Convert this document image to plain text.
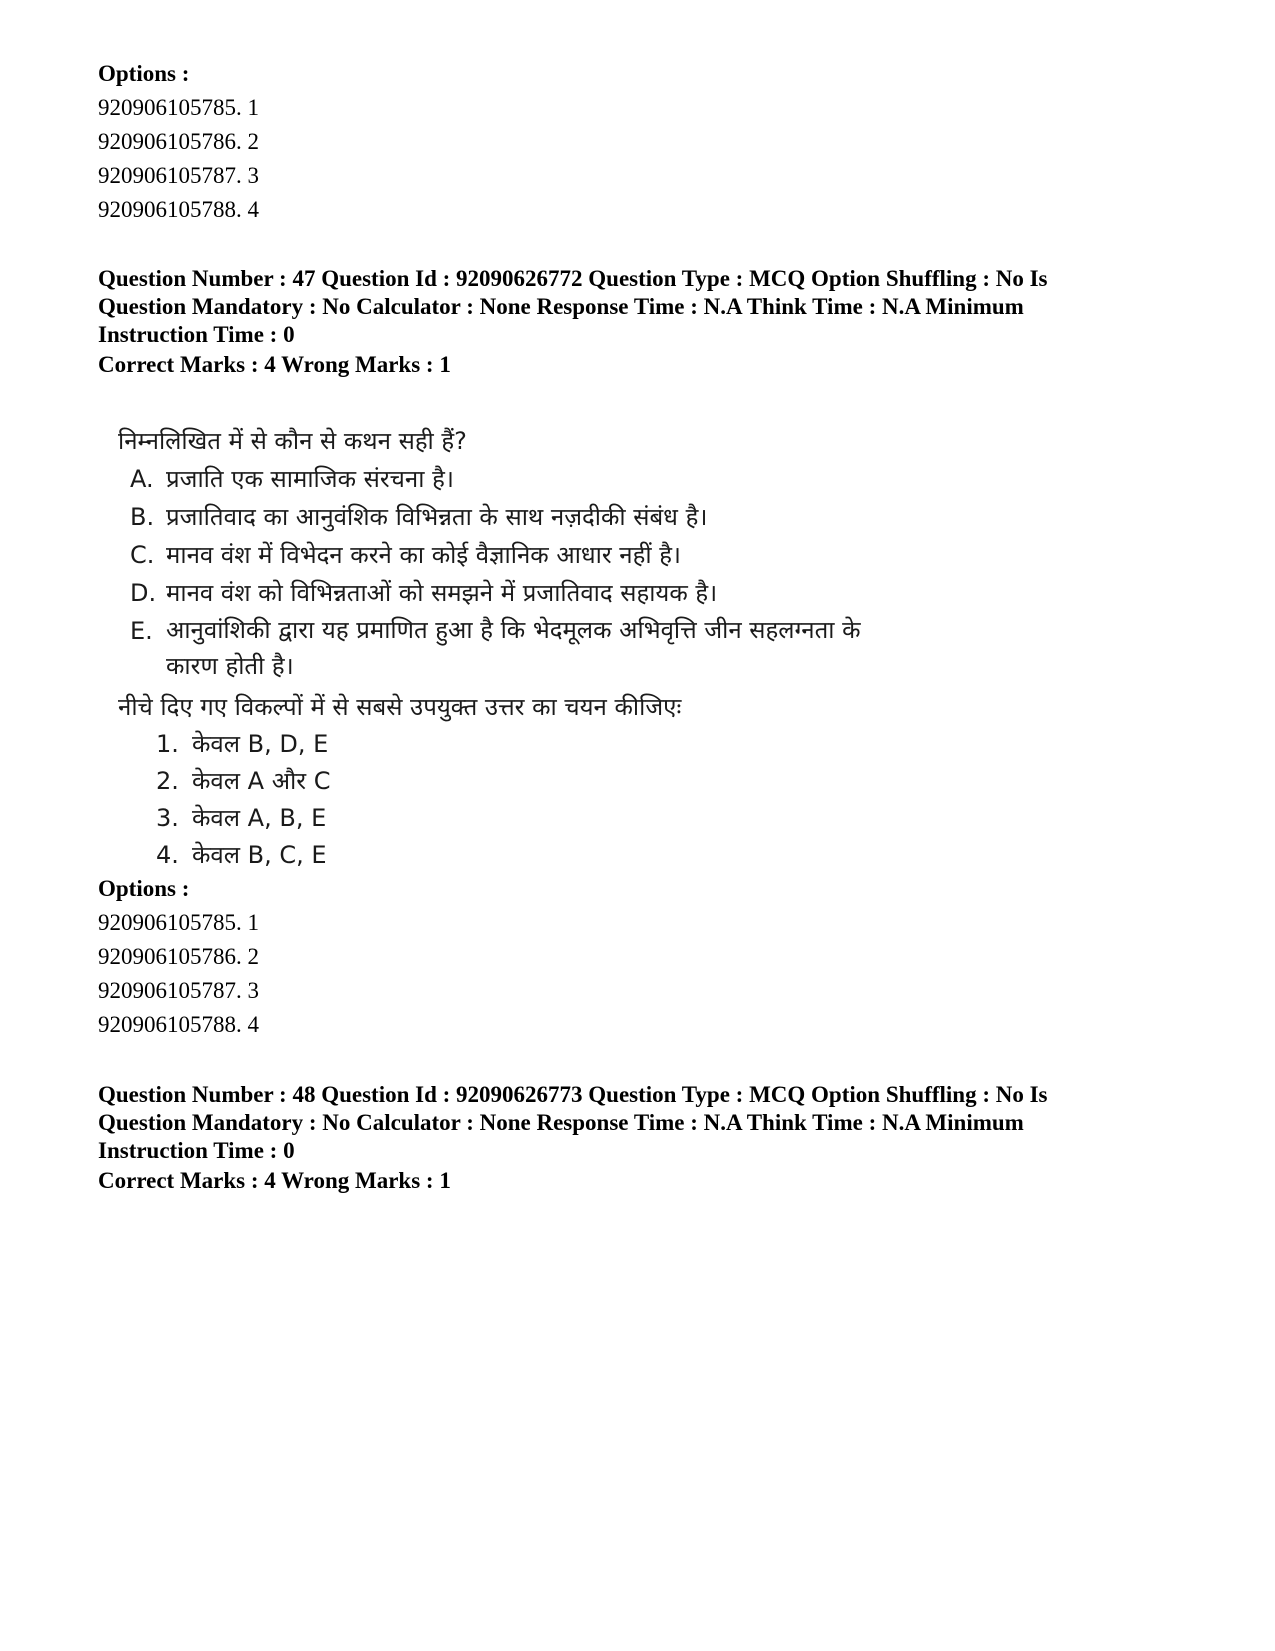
Options :
920906105785. 1
920906105786. 2
920906105787. 3
920906105788. 4
Question Number : 47 Question Id : 92090626772 Question Type : MCQ Option Shuffling : No Is
Question Mandatory : No Calculator : None Response Time : N.A Think Time : N.A Minimum
Instruction Time : 0
Correct Marks : 4 Wrong Marks : 1
निम्नलिखित में से कौन से कथन सही हैं?
A. प्रजाति एक सामाजिक संरचना है।
B. प्रजातिवाद का आनुवंशिक विभिन्नता के साथ नज़दीकी संबंध है।
C. मानव वंश में विभेदन करने का कोई वैज्ञानिक आधार नहीं है।
D. मानव वंश को विभिन्नताओं को समझने में प्रजातिवाद सहायक है।
E. आनुवांशिकी द्वारा यह प्रमाणित हुआ है कि भेदमूलक अभिवृत्ति जीन सहलग्नता के कारण होती है।
नीचे दिए गए विकल्पों में से सबसे उपयुक्त उत्तर का चयन कीजिएः
1. केवल B, D, E
2. केवल A और C
3. केवल A, B, E
4. केवल B, C, E
Options :
920906105785. 1
920906105786. 2
920906105787. 3
920906105788. 4
Question Number : 48 Question Id : 92090626773 Question Type : MCQ Option Shuffling : No Is
Question Mandatory : No Calculator : None Response Time : N.A Think Time : N.A Minimum
Instruction Time : 0
Correct Marks : 4 Wrong Marks : 1
